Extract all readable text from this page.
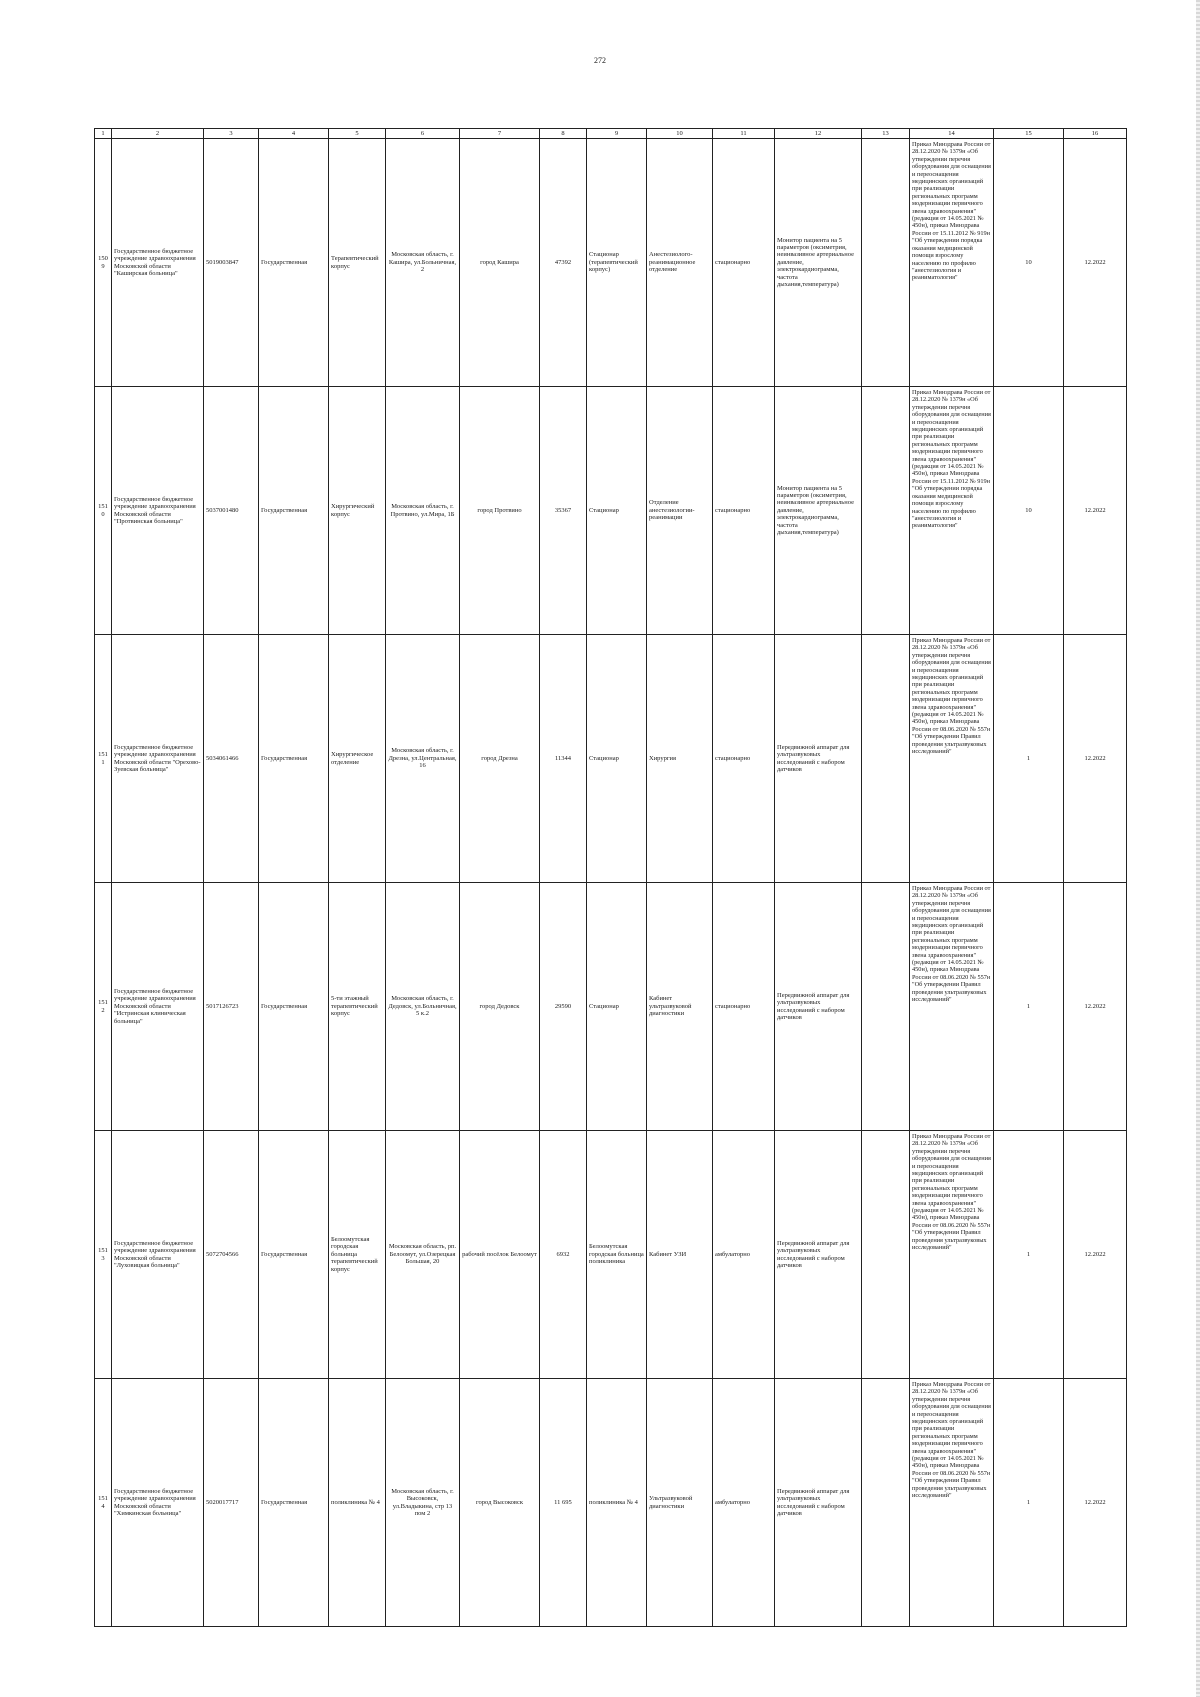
272
1	2	3	4	5	6	7	8	9	10	11	12	13	14	15	16
1509	Государственное бюджетное учреждение здравоохранения Московской области "Каширская больница"	5019003847	Государственная	Терапевтический корпус	Московская область, г. Кашира, ул.Больничная, 2	город Кашира	47392	Стационар (терапевтический корпус)	Анестезиолого-реанимационное отделение	стационарно	Монитор пациента на 5 параметров (оксиметрия, неинвазивное артериальное давление, электрокардиограмма, частота дыхания,температура)		Приказ Минздрава России от 28.12.2020 № 1379н «Об утверждении перечня оборудования для оснащения и переоснащения медицинских организаций при реализации региональных программ модернизации первичного звена здравоохранения"(редакция от 14.05.2021 № 450н), приказ Минздрава России от 15.11.2012 № 919н "Об утверждении порядка оказания медицинской помощи взрослому населению по профилю "анестезиология и реаниматология"	10	12.2022
1510	Государственное бюджетное учреждение здравоохранения Московской области "Протвинская больница"	5037001480	Государственная	Хирургический корпус	Московская область, г. Протвино, ул.Мира, 1Б	город Протвино	35367	Стационар	Отделение анестезиологии-реанимации	стационарно	Монитор пациента на 5 параметров (оксиметрия, неинвазивное артериальное давление, электрокардиограмма, частота дыхания,температура)		Приказ Минздрава России от 28.12.2020 № 1379н «Об утверждении перечня оборудования для оснащения и переоснащения медицинских организаций при реализации региональных программ модернизации первичного звена здравоохранения"(редакция от 14.05.2021 № 450н), приказ Минздрава России от 15.11.2012 № 919н "Об утверждении порядка оказания медицинской помощи взрослому населению по профилю "анестезиология и реаниматология"	10	12.2022
1511	Государственное бюджетное учреждение здравоохранения Московской области "Орехово-Зуевская больница"	5034061466	Государственная	Хирургическое отделение	Московская область, г. Дрезна, ул.Центральная, 16	город Дрезна	11344	Стационар	Хирургия	стационарно	Передвижной аппарат для ультразвуковых исследований с набором датчиков		Приказ Минздрава России от 28.12.2020 № 1379н «Об утверждении перечня оборудования для оснащения и переоснащения медицинских организаций при реализации региональных программ модернизации первичного звена здравоохранения"(редакция от 14.05.2021 № 450н), приказ Минздрава России от 08.06.2020 № 557н "Об утверждении Правил проведения ультразвуковых исследований"	1	12.2022
1512	Государственное бюджетное учреждение здравоохранения Московской области "Истринская клиническая больница"	5017126723	Государственная	5-ти этажный терапевтический корпус	Московская область, г. Дедовск, ул.Больничная, 5 к.2	город Дедовск	29590	Стационар	Кабинет ультразвуковой диагностики	стационарно	Передвижной аппарат для ультразвуковых исследований с набором датчиков		Приказ Минздрава России от 28.12.2020 № 1379н «Об утверждении перечня оборудования для оснащения и переоснащения медицинских организаций при реализации региональных программ модернизации первичного звена здравоохранения"(редакция от 14.05.2021 № 450н), приказ Минздрава России от 08.06.2020 № 557н "Об утверждении Правил проведения ультразвуковых исследований"	1	12.2022
1513	Государственное бюджетное учреждение здравоохранения Московской области "Луховицкая больница"	5072704566	Государственная	Белоомутская городская больница терапевтический корпус	Московская область, рп. Белоомут, ул.Озерецкая Большая, 20	рабочий посёлок Белоомут	6932	Белоомутская городская больница поликлиника	Кабинет УЗИ	амбулаторно	Передвижной аппарат для ультразвуковых исследований с набором датчиков		Приказ Минздрава России от 28.12.2020 № 1379н «Об утверждении перечня оборудования для оснащения и переоснащения медицинских организаций при реализации региональных программ модернизации первичного звена здравоохранения"(редакция от 14.05.2021 № 450н), приказ Минздрава России от 08.06.2020 № 557н "Об утверждении Правил проведения ультразвуковых исследований"	1	12.2022
1514	Государственное бюджетное учреждение здравоохранения Московской области "Химкинская больница"	5020017717	Государственная	поликлиника № 4	Московская область, г. Высоковск, ул.Владыкина, стр 13 пом 2	город Высоковск	11 695	поликлиника № 4	Ультразвуковой диагностики	амбулаторно	Передвижной аппарат для ультразвуковых исследований с набором датчиков		Приказ Минздрава России от 28.12.2020 № 1379н «Об утверждении перечня оборудования для оснащения и переоснащения медицинских организаций при реализации региональных программ модернизации первичного звена здравоохранения"(редакция от 14.05.2021 № 450н), приказ Минздрава России от 08.06.2020 № 557н "Об утверждении Правил проведения ультразвуковых исследований"	1	12.2022
